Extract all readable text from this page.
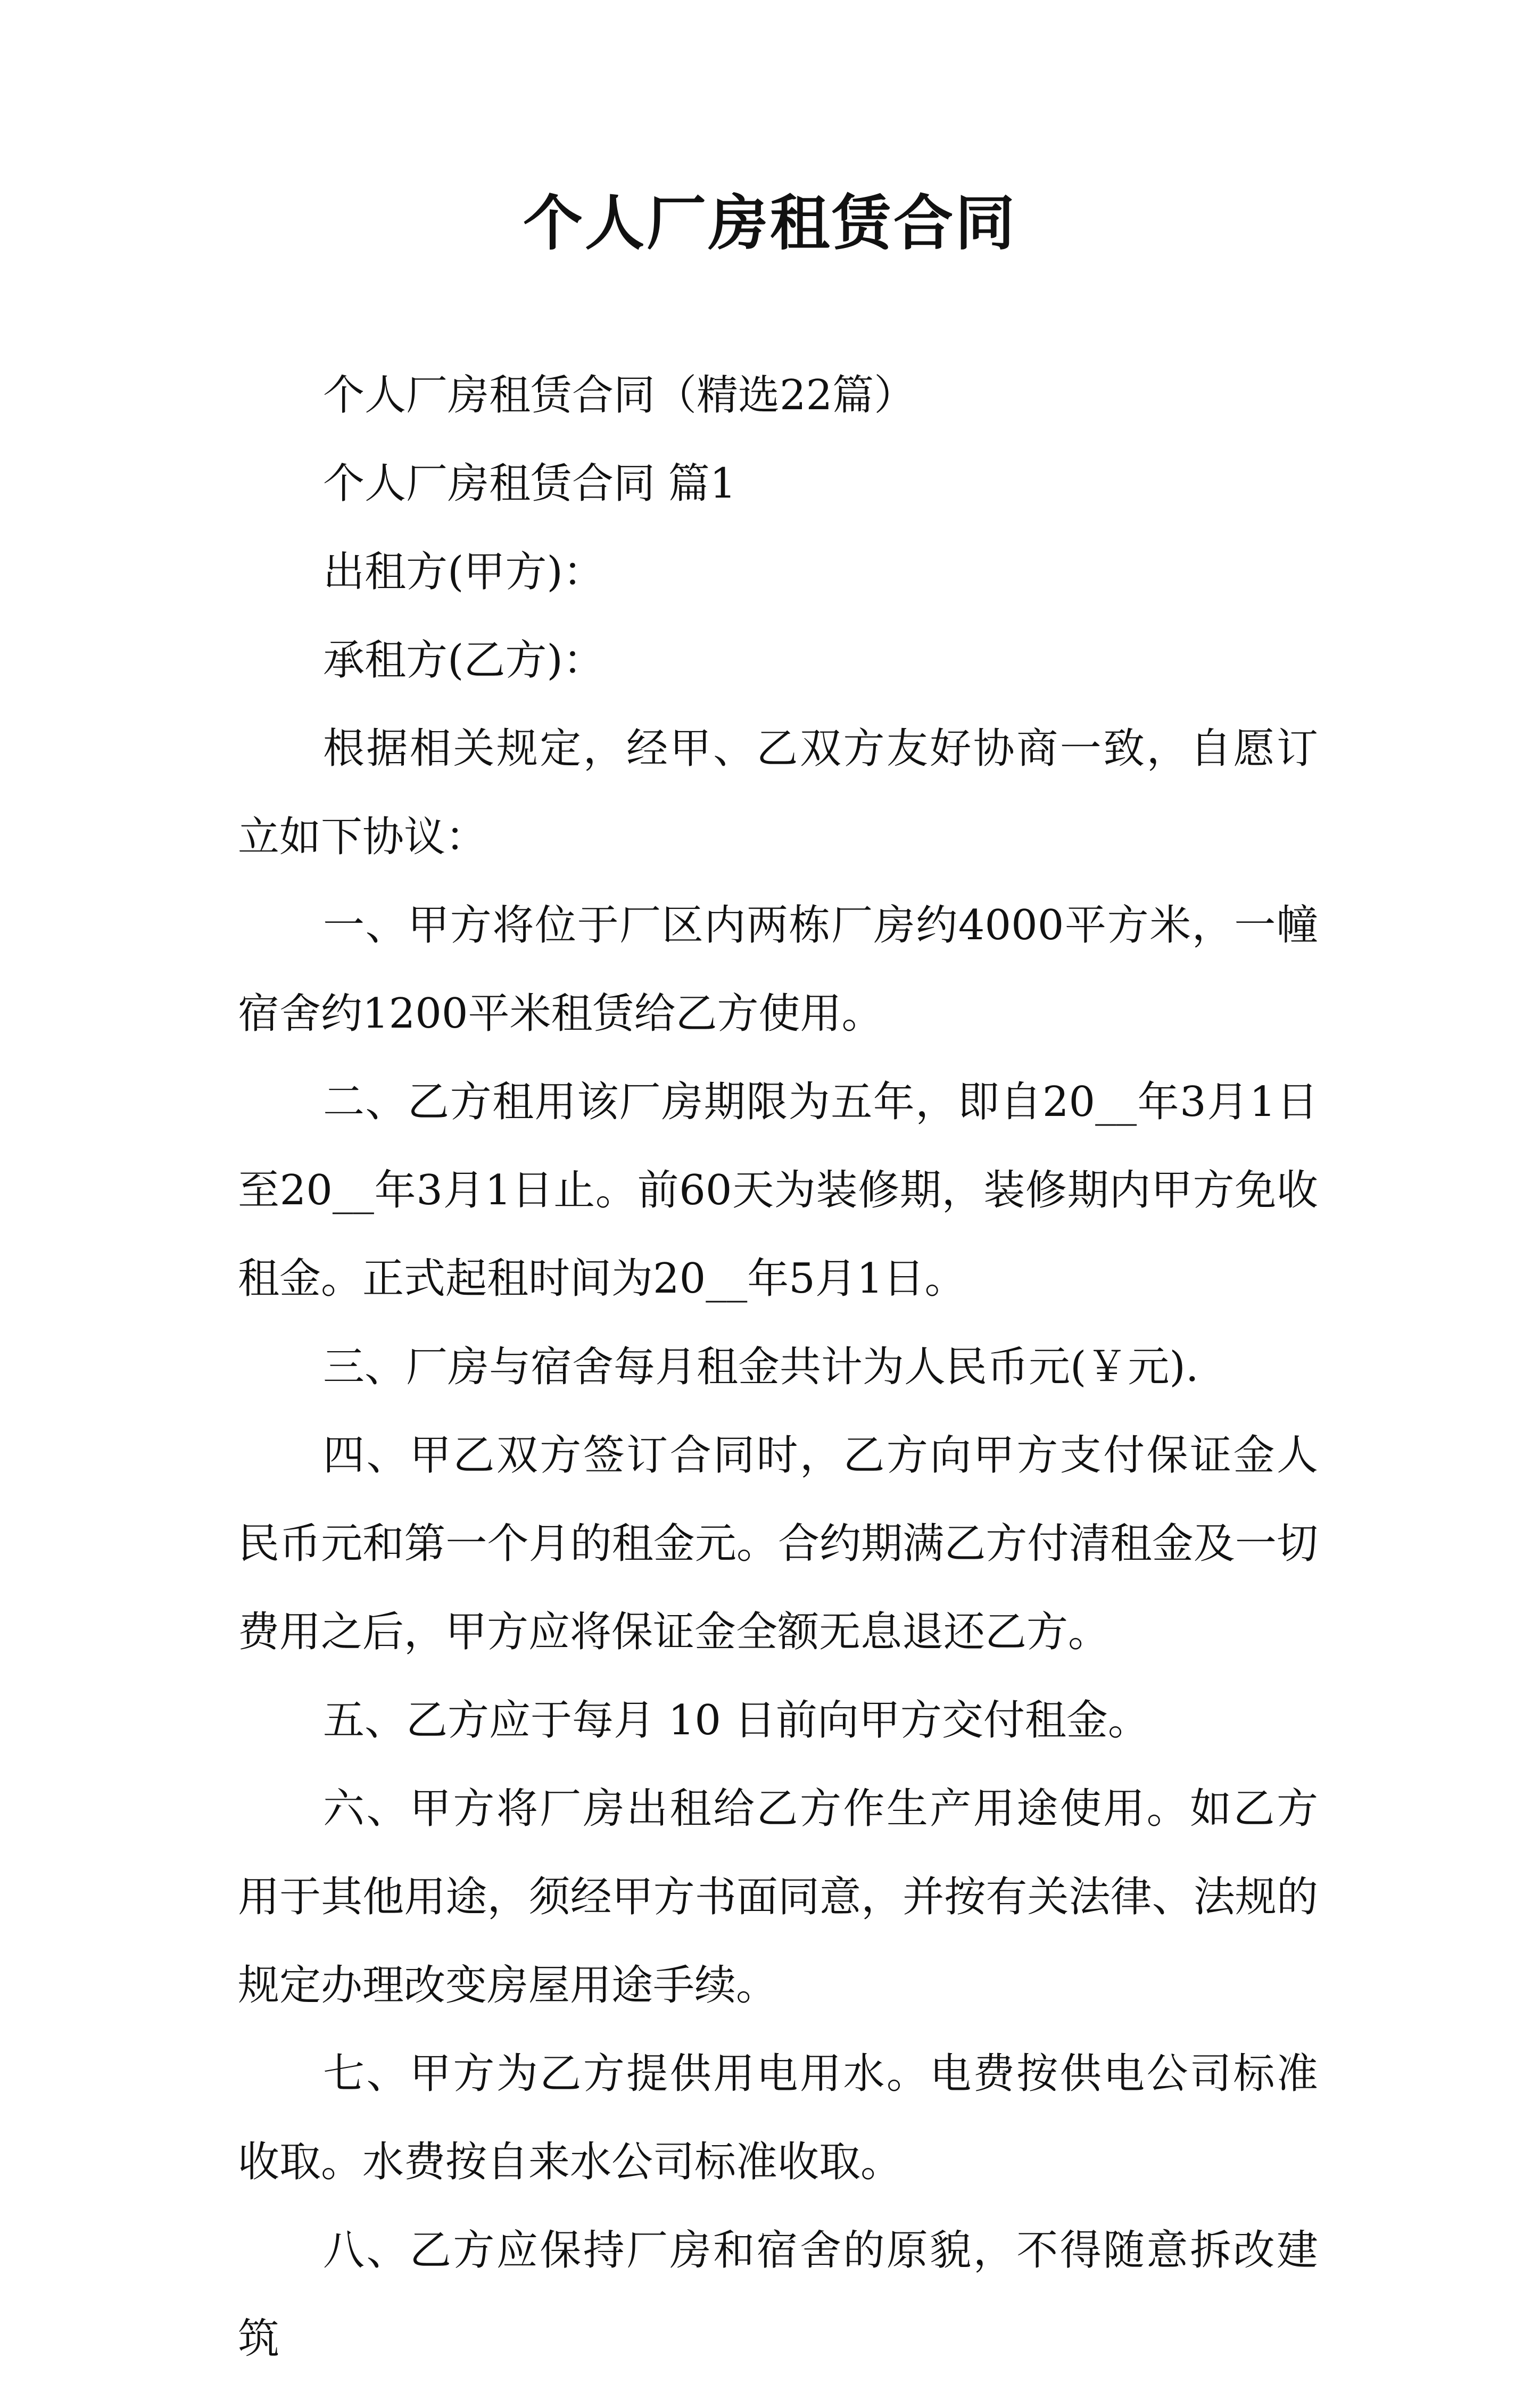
个人厂房租赁合同

个人厂房租赁合同（精选22篇）

个人厂房租赁合同 篇1

出租方(甲方)：

承租方(乙方)：

根据相关规定，经甲、乙双方友好协商一致，自愿订立如下协议：

一、甲方将位于厂区内两栋厂房约4000平方米，一幢宿舍约1200平米租赁给乙方使用。

二、乙方租用该厂房期限为五年，即自20__年3月1日至20__年3月1日止。前60天为装修期，装修期内甲方免收租金。正式起租时间为20__年5月1日。

三、厂房与宿舍每月租金共计为人民币元(￥元).

四、甲乙双方签订合同时，乙方向甲方支付保证金人民币元和第一个月的租金元。合约期满乙方付清租金及一切费用之后，甲方应将保证金全额无息退还乙方。

五、乙方应于每月 10 日前向甲方交付租金。

六、甲方将厂房出租给乙方作生产用途使用。如乙方用于其他用途，须经甲方书面同意，并按有关法律、法规的规定办理改变房屋用途手续。

七、甲方为乙方提供用电用水。电费按供电公司标准收取。水费按自来水公司标准收取。

八、乙方应保持厂房和宿舍的原貌，不得随意拆改建筑
